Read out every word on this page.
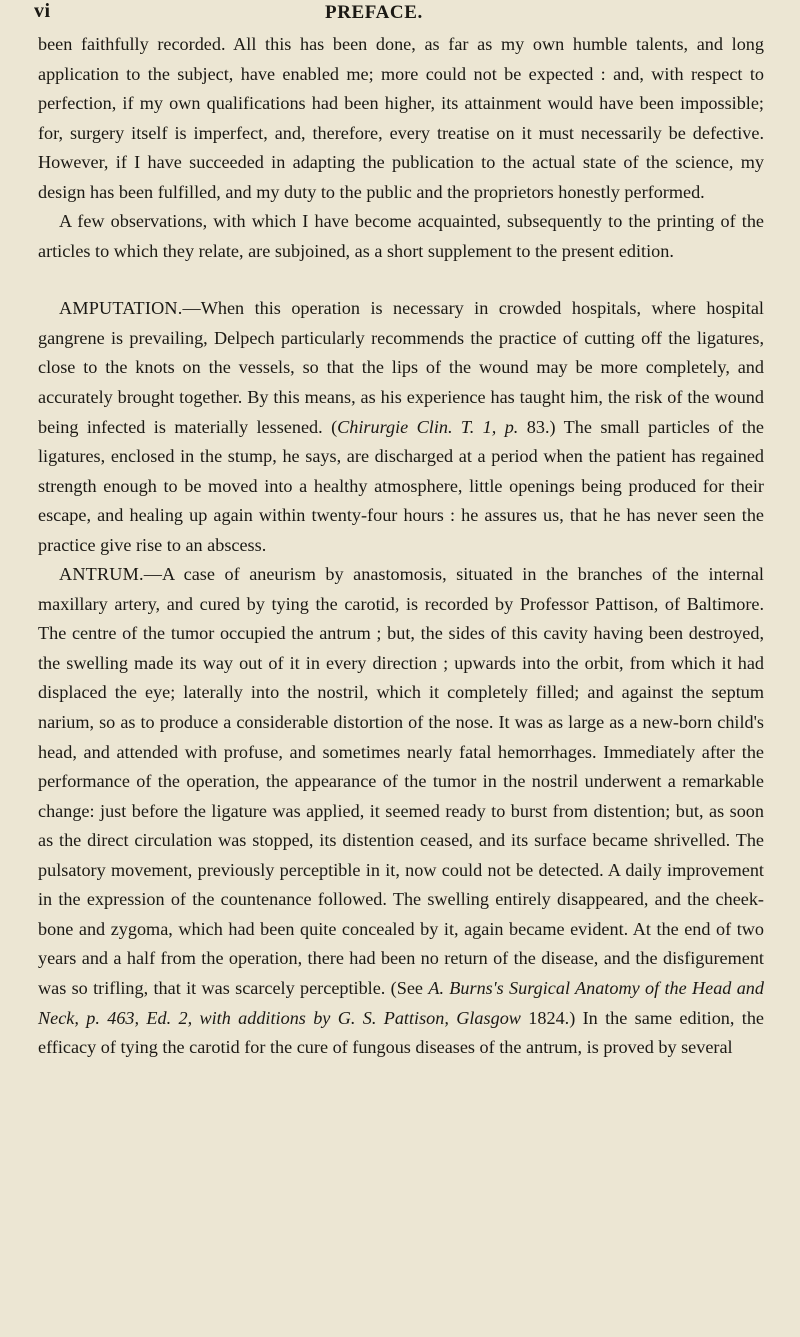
vi	PREFACE.

been faithfully recorded. All this has been done, as far as my own humble talents, and long application to the subject, have enabled me; more could not be expected : and, with respect to perfection, if my own qualifications had been higher, its attainment would have been impossible; for, surgery itself is imperfect, and, therefore, every treatise on it must necessarily be defective. However, if I have succeeded in adapting the publication to the actual state of the science, my design has been fulfilled, and my duty to the public and the proprietors honestly performed.

A few observations, with which I have become acquainted, subsequently to the printing of the articles to which they relate, are subjoined, as a short supplement to the present edition.

AMPUTATION.—When this operation is necessary in crowded hospitals, where hospital gangrene is prevailing, Delpech particularly recommends the practice of cutting off the ligatures, close to the knots on the vessels, so that the lips of the wound may be more completely, and accurately brought together. By this means, as his experience has taught him, the risk of the wound being infected is materially lessened. (Chirurgie Clin. T. 1, p. 83.) The small particles of the ligatures, enclosed in the stump, he says, are discharged at a period when the patient has regained strength enough to be moved into a healthy atmosphere, little openings being produced for their escape, and healing up again within twenty-four hours : he assures us, that he has never seen the practice give rise to an abscess.

ANTRUM.—A case of aneurism by anastomosis, situated in the branches of the internal maxillary artery, and cured by tying the carotid, is recorded by Professor Pattison, of Baltimore. The centre of the tumor occupied the antrum ; but, the sides of this cavity having been destroyed, the swelling made its way out of it in every direction ; upwards into the orbit, from which it had displaced the eye; laterally into the nostril, which it completely filled; and against the septum narium, so as to produce a considerable distortion of the nose. It was as large as a new-born child's head, and attended with profuse, and sometimes nearly fatal hemorrhages. Immediately after the performance of the operation, the appearance of the tumor in the nostril underwent a remarkable change: just before the ligature was applied, it seemed ready to burst from distention; but, as soon as the direct circulation was stopped, its distention ceased, and its surface became shrivelled. The pulsatory movement, previously perceptible in it, now could not be detected. A daily improvement in the expression of the countenance followed. The swelling entirely disappeared, and the cheek-bone and zygoma, which had been quite concealed by it, again became evident. At the end of two years and a half from the operation, there had been no return of the disease, and the disfigurement was so trifling, that it was scarcely perceptible. (See A. Burns's Surgical Anatomy of the Head and Neck, p. 463, Ed. 2, with additions by G. S. Pattison, Glasgow 1824.) In the same edition, the efficacy of tying the carotid for the cure of fungous diseases of the antrum, is proved by several
